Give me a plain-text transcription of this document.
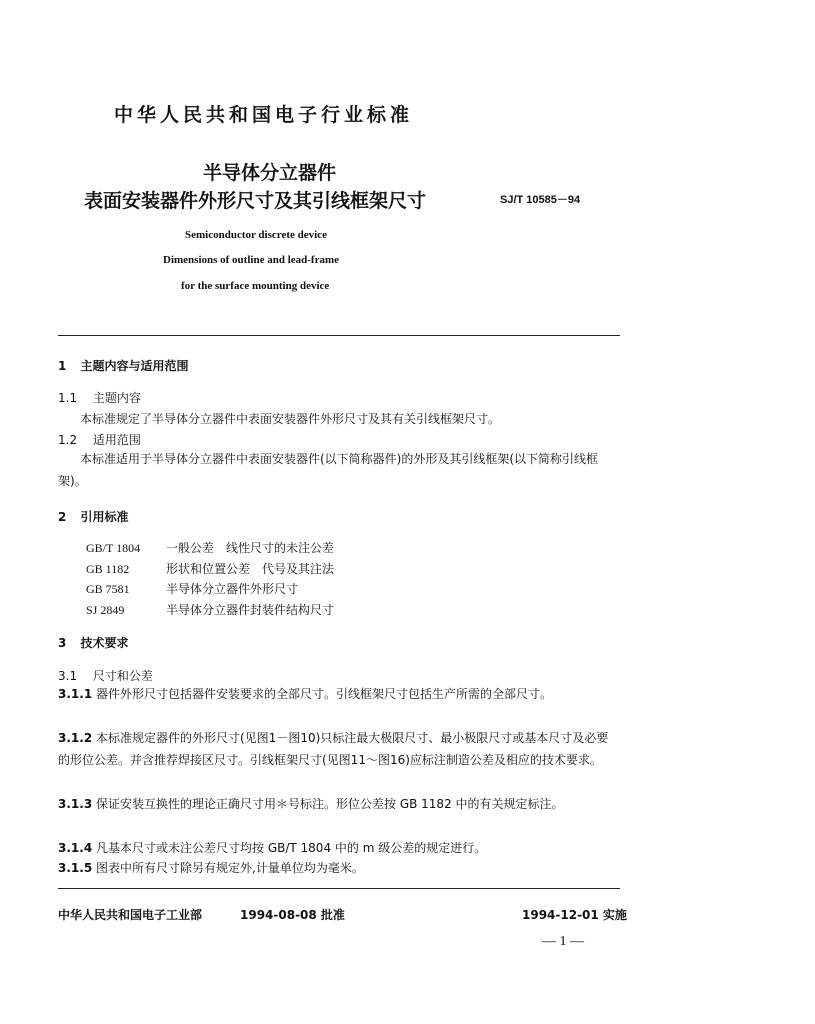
中华人民共和国电子行业标准
半导体分立器件
表面安装器件外形尺寸及其引线框架尺寸	SJ/T 10585－94
Semiconductor discrete device
Dimensions of outline and lead-frame
for the surface mounting device
1 主题内容与适用范围
1.1 主题内容
本标准规定了半导体分立器件中表面安装器件外形尺寸及其有关引线框架尺寸。
1.2 适用范围
本标准适用于半导体分立器件中表面安装器件(以下简称器件)的外形及其引线框架(以下简称引线框架)。
2 引用标准
GB/T 1804 一般公差　线性尺寸的未注公差
GB 1182	形状和位置公差　代号及其注法
GB 7581	半导体分立器件外形尺寸
SJ 2849	半导体分立器件封装件结构尺寸
3 技术要求
3.1 尺寸和公差
3.1.1 器件外形尺寸包括器件安装要求的全部尺寸。引线框架尺寸包括生产所需的全部尺寸。
3.1.2 本标准规定器件的外形尺寸(见图1－图10)只标注最大极限尺寸、最小极限尺寸或基本尺寸及必要的形位公差。并含推荐焊接区尺寸。引线框架尺寸(见图11～图16)应标注制造公差及相应的技术要求。
3.1.3 保证安装互换性的理论正确尺寸用＊号标注。形位公差按 GB 1182 中的有关规定标注。
3.1.4 凡基本尺寸或未注公差尺寸均按 GB/T 1804 中的 m 级公差的规定进行。
3.1.5 图表中所有尺寸除另有规定外,计量单位均为毫米。
中华人民共和国电子工业部	1994-08-08 批准	1994-12-01 实施
— 1 —
